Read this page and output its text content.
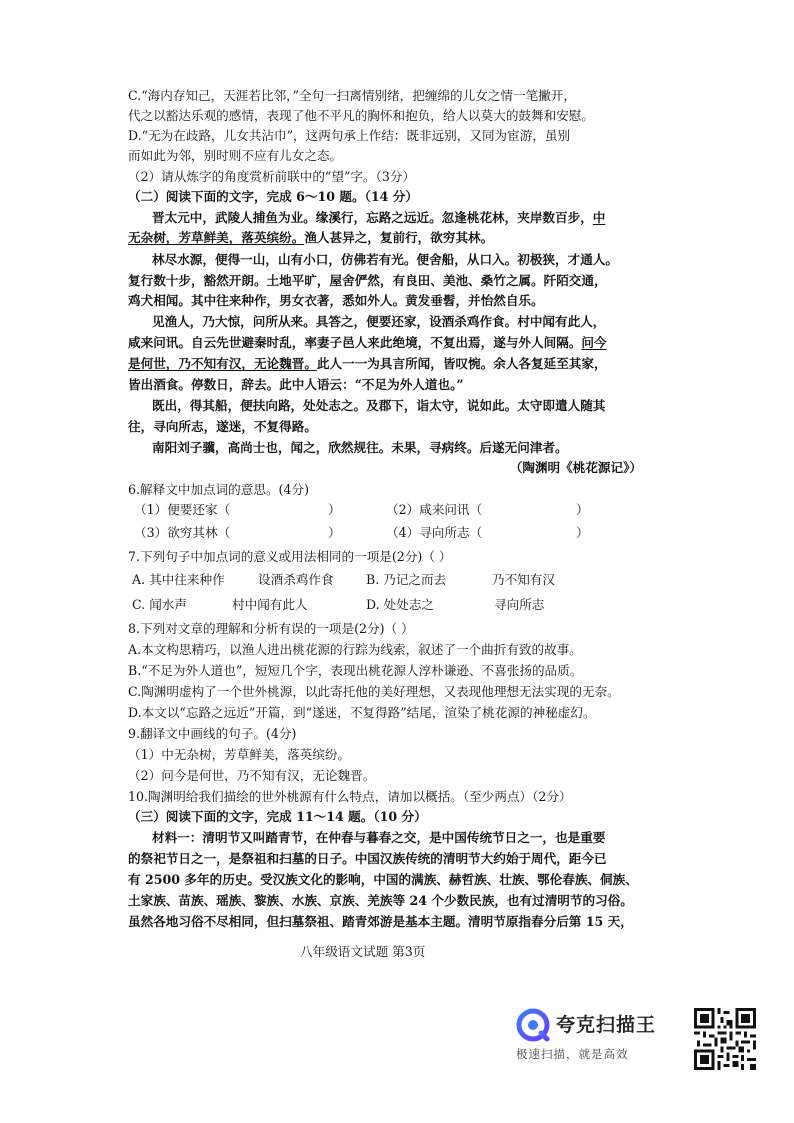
C.“海内存知己，天涯若比邻，”全句一扫离情别绪，把缠绵的儿女之情一笔撇开，
代之以豁达乐观的感情，表现了他不平凡的胸怀和抱负，给人以莫大的鼓舞和安慰。
D.“无为在歧路，儿女共沾巾”，这两句承上作结：既非远别，又同为宦游，虽别
而如此为邻，别时则不应有儿女之态。
（2）请从炼字的角度赏析前联中的“望”字。（3分）
（二）阅读下面的文字，完成 6～10 题。（14 分）
晋太元中，武陵人捕鱼为业。缘溪行，忘路之远近。忽逢桃花林，夹岸数百步，中
无杂树，芳草鲜美，落英缤纷。渔人甚异之，复前行，欲穷其林。
林尽水源，便得一山，山有小口，仿佛若有光。便舍船，从口入。初极狭，才通人。
复行数十步，豁然开朗。土地平旷，屋舍俨然，有良田、美池、桑竹之属。阡陌交通，
鸡犬相闻。其中往来种作，男女衣著，悉如外人。黄发垂髫，并怡然自乐。
见渔人，乃大惊，问所从来。具答之，便要还家，设酒杀鸡作食。村中闻有此人，
咸来问讯。自云先世避秦时乱，率妻子邑人来此绝境，不复出焉，遂与外人间隔。问今
是何世，乃不知有汉，无论魏晋。此人一一为具言所闻，皆叹惋。余人各复延至其家，
皆出酒食。停数日，辞去。此中人语云：“不足为外人道也。”
既出，得其船，便扶向路，处处志之。及郡下，诣太守，说如此。太守即遣人随其
往，寻向所志，遂迷，不复得路。
南阳刘子骥，高尚士也，闻之，欣然规往。未果，寻病终。后遂无问津者。
（陶渊明《桃花源记》）
6.解释文中加点词的意思。(4分)
（1）便要还家（	）	（2）咸来问讯（	）
（3）欲穷其林（	）	（4）寻向所志（	）
7.下列句子中加点词的意义或用法相同的一项是(2分)（ ）
A. 其中往来种作	设酒杀鸡作食	B. 乃记之而去	乃不知有汉
C. 闻水声	村中闻有此人	D. 处处志之	寻向所志
8.下列对文章的理解和分析有误的一项是(2分)（ ）
A.本文构思精巧，以渔人进出桃花源的行踪为线索，叙述了一个曲折有致的故事。
B.“不足为外人道也”，短短几个字，表现出桃花源人淳朴谦逊、不喜张扬的品质。
C.陶渊明虚构了一个世外桃源，以此寄托他的美好理想，又表现他理想无法实现的无奈。
D.本文以“忘路之远近”开篇，到“遂迷，不复得路”结尾，渲染了桃花源的神秘虚幻。
9.翻译文中画线的句子。(4分)
（1）中无杂树，芳草鲜美，落英缤纷。
（2）问今是何世，乃不知有汉，无论魏晋。
10.陶渊明给我们描绘的世外桃源有什么特点，请加以概括。（至少两点）（2分）
（三）阅读下面的文字，完成 11～14 题。（10 分）
材料一：清明节又叫踏青节，在仲春与暮春之交，是中国传统节日之一，也是重要
的祭祀节日之一，是祭祖和扫墓的日子。中国汉族传统的清明节大约始于周代，距今已
有 2500 多年的历史。受汉族文化的影响，中国的满族、赫哲族、壮族、鄂伦春族、侗族、
土家族、苗族、瑶族、黎族、水族、京族、羌族等 24 个少数民族，也有过清明节的习俗。
虽然各地习俗不尽相同，但扫墓祭祖、踏青郊游是基本主题。清明节原指春分后第 15 天，
八年级语文试题 第3页
夸克扫描王
极速扫描，就是高效
